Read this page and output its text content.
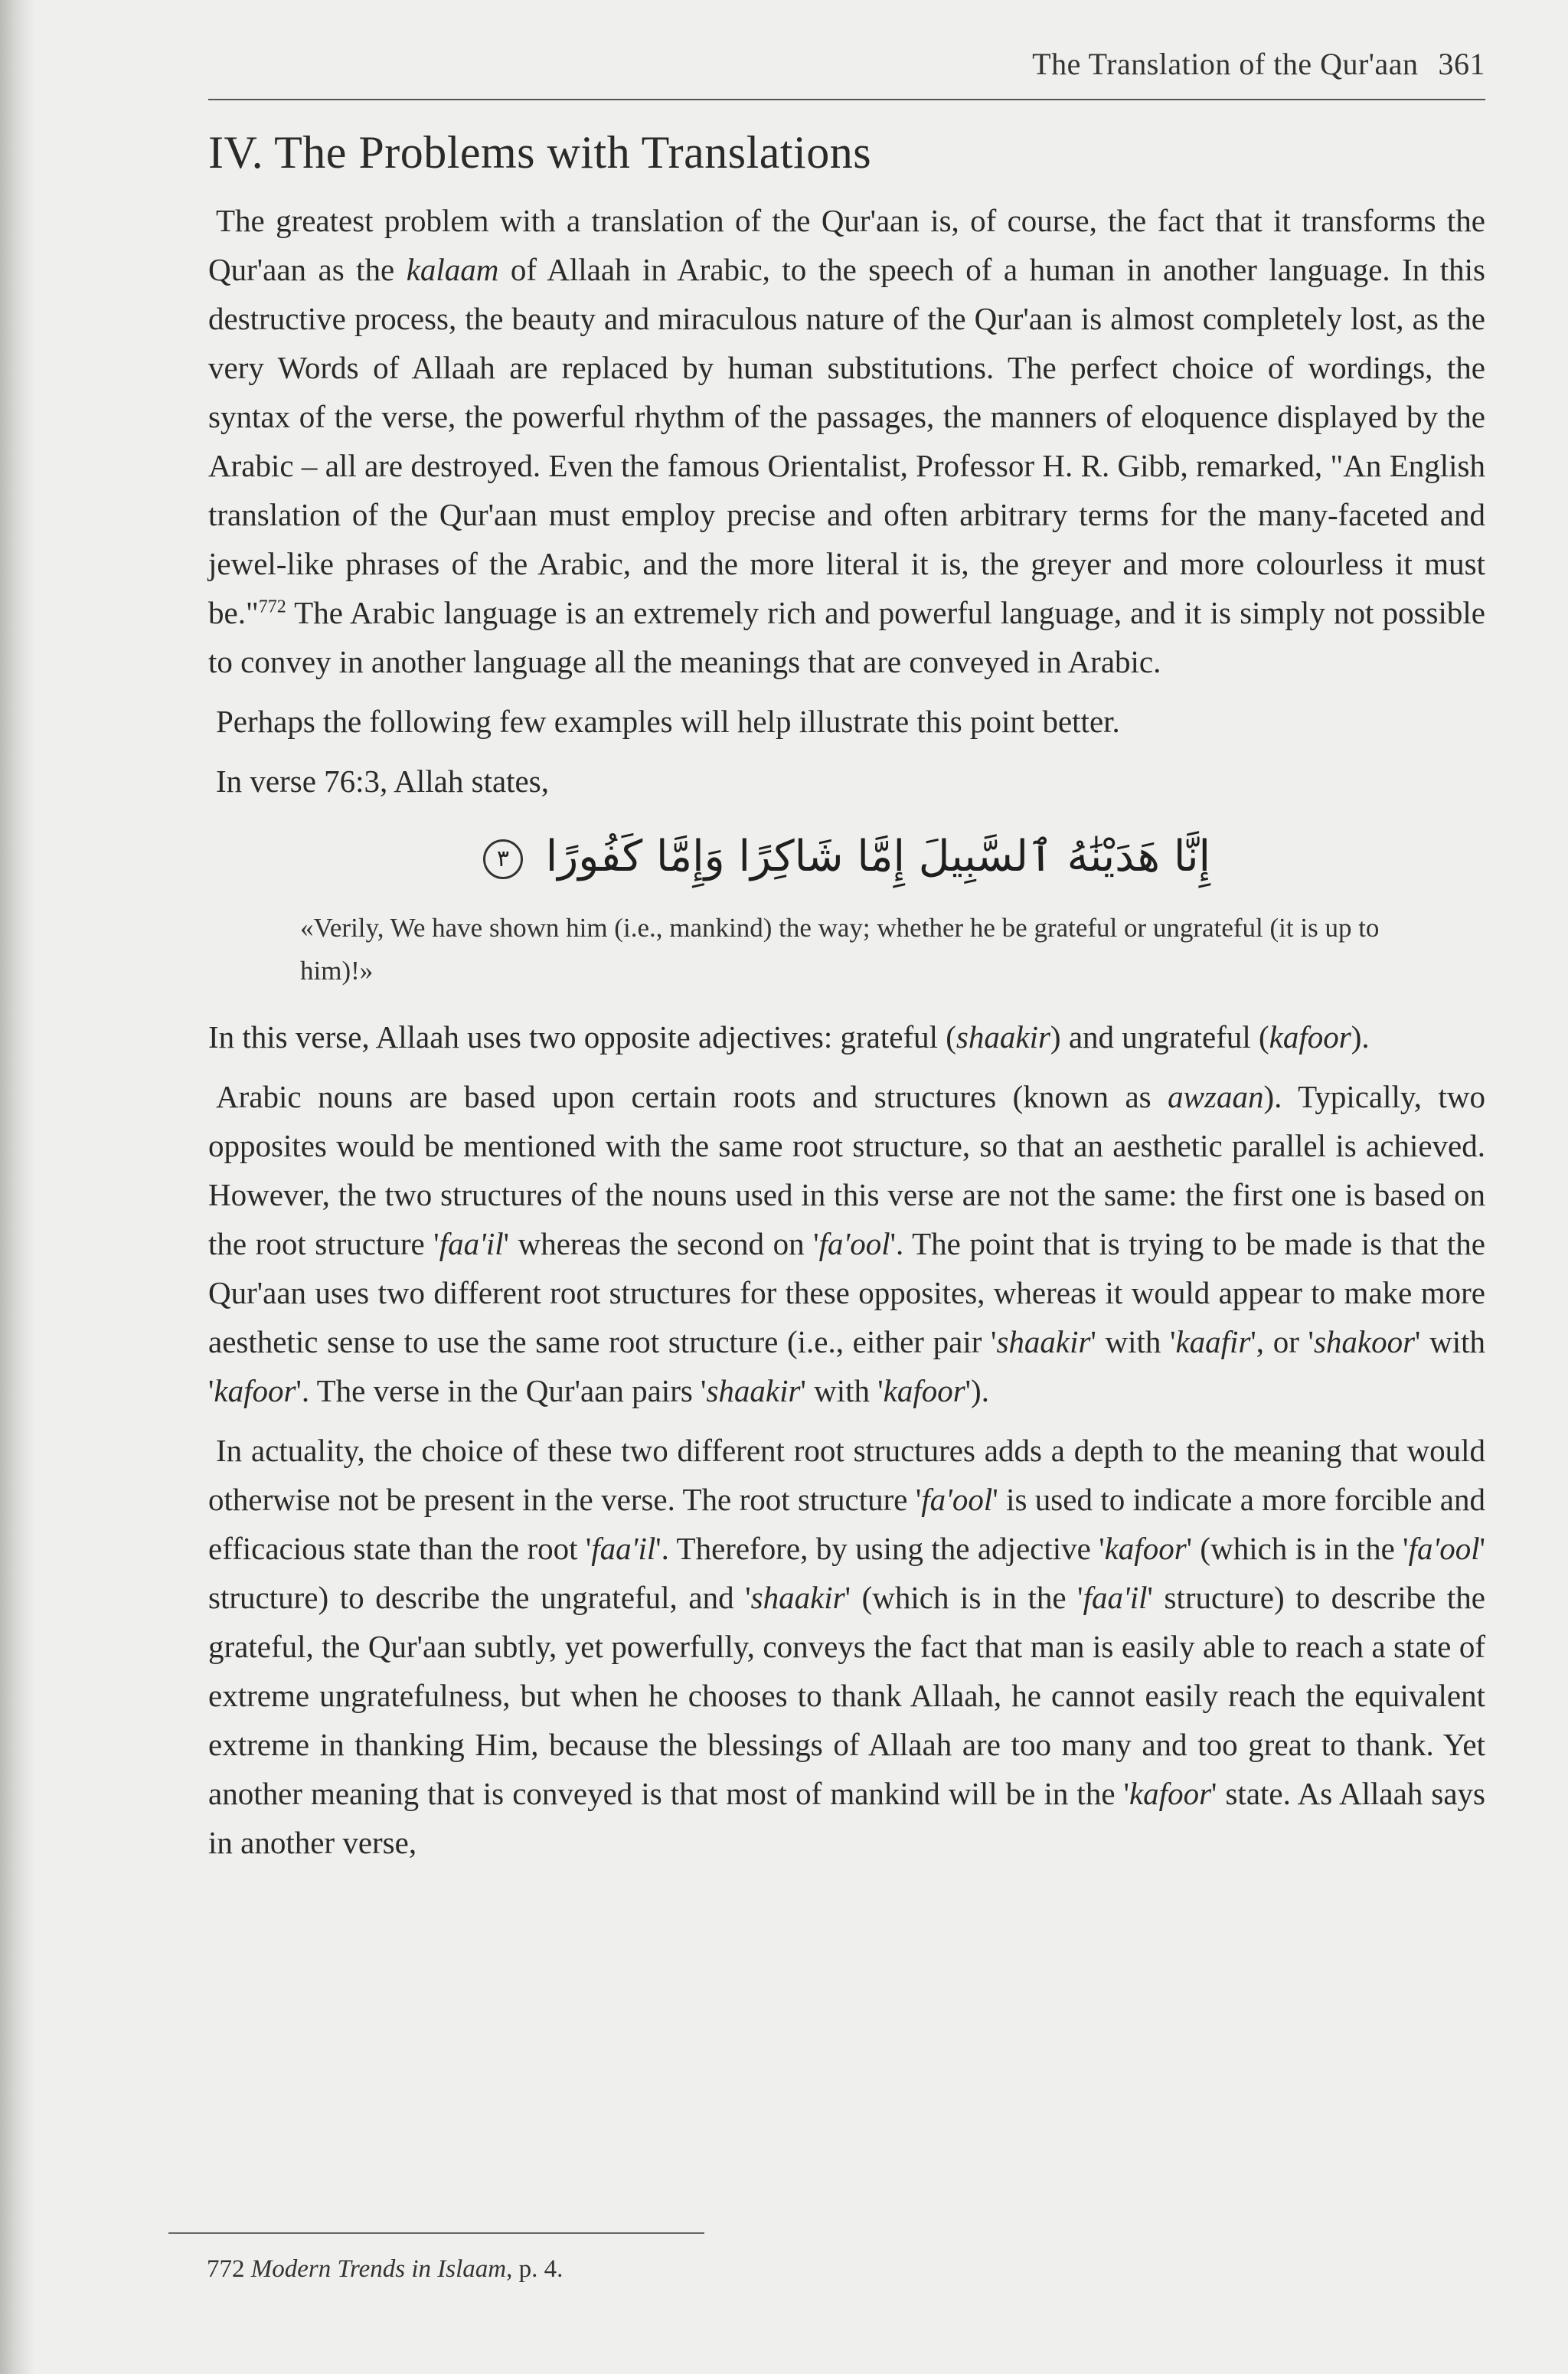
The Translation of the Qur'aan 361
IV. The Problems with Translations

The greatest problem with a translation of the Qur'aan is, of course, the fact that it transforms the Qur'aan as the kalaam of Allaah in Arabic, to the speech of a human in another language. In this destructive process, the beauty and miraculous nature of the Qur'aan is almost completely lost, as the very Words of Allaah are replaced by human substitutions. The perfect choice of wordings, the syntax of the verse, the powerful rhythm of the passages, the manners of eloquence displayed by the Arabic – all are destroyed. Even the famous Orientalist, Professor H. R. Gibb, remarked, "An English translation of the Qur'aan must employ precise and often arbitrary terms for the many-faceted and jewel-like phrases of the Arabic, and the more literal it is, the greyer and more colourless it must be."$^{772}$ The Arabic language is an extremely rich and powerful language, and it is simply not possible to convey in another language all the meanings that are conveyed in Arabic.

Perhaps the following few examples will help illustrate this point better.

In verse 76:3, Allah states,

إِنَّا هَدَيْنَٰهُ ٱلسَّبِيلَ إِمَّا شَاكِرًا وَإِمَّا كَفُورًا ٣
«Verily, We have shown him (i.e., mankind) the way; whether he be grateful or ungrateful (it is up to him)!»

In this verse, Allaah uses two opposite adjectives: grateful (shaakir) and ungrateful (kafoor).

Arabic nouns are based upon certain roots and structures (known as awzaan). Typically, two opposites would be mentioned with the same root structure, so that an aesthetic parallel is achieved. However, the two structures of the nouns used in this verse are not the same: the first one is based on the root structure 'faa'il' whereas the second on 'fa'ool'. The point that is trying to be made is that the Qur'aan uses two different root structures for these opposites, whereas it would appear to make more aesthetic sense to use the same root structure (i.e., either pair 'shaakir' with 'kaafir', or 'shakoor' with 'kafoor'. The verse in the Qur'aan pairs 'shaakir' with 'kafoor').

In actuality, the choice of these two different root structures adds a depth to the meaning that would otherwise not be present in the verse. The root structure 'fa'ool' is used to indicate a more forcible and efficacious state than the root 'faa'il'. Therefore, by using the adjective 'kafoor' (which is in the 'fa'ool' structure) to describe the ungrateful, and 'shaakir' (which is in the 'faa'il' structure) to describe the grateful, the Qur'aan subtly, yet powerfully, conveys the fact that man is easily able to reach a state of extreme ungratefulness, but when he chooses to thank Allaah, he cannot easily reach the equivalent extreme in thanking Him, because the blessings of Allaah are too many and too great to thank. Yet another meaning that is conveyed is that most of mankind will be in the 'kafoor' state. As Allaah says in another verse,

772 Modern Trends in Islaam, p. 4.
